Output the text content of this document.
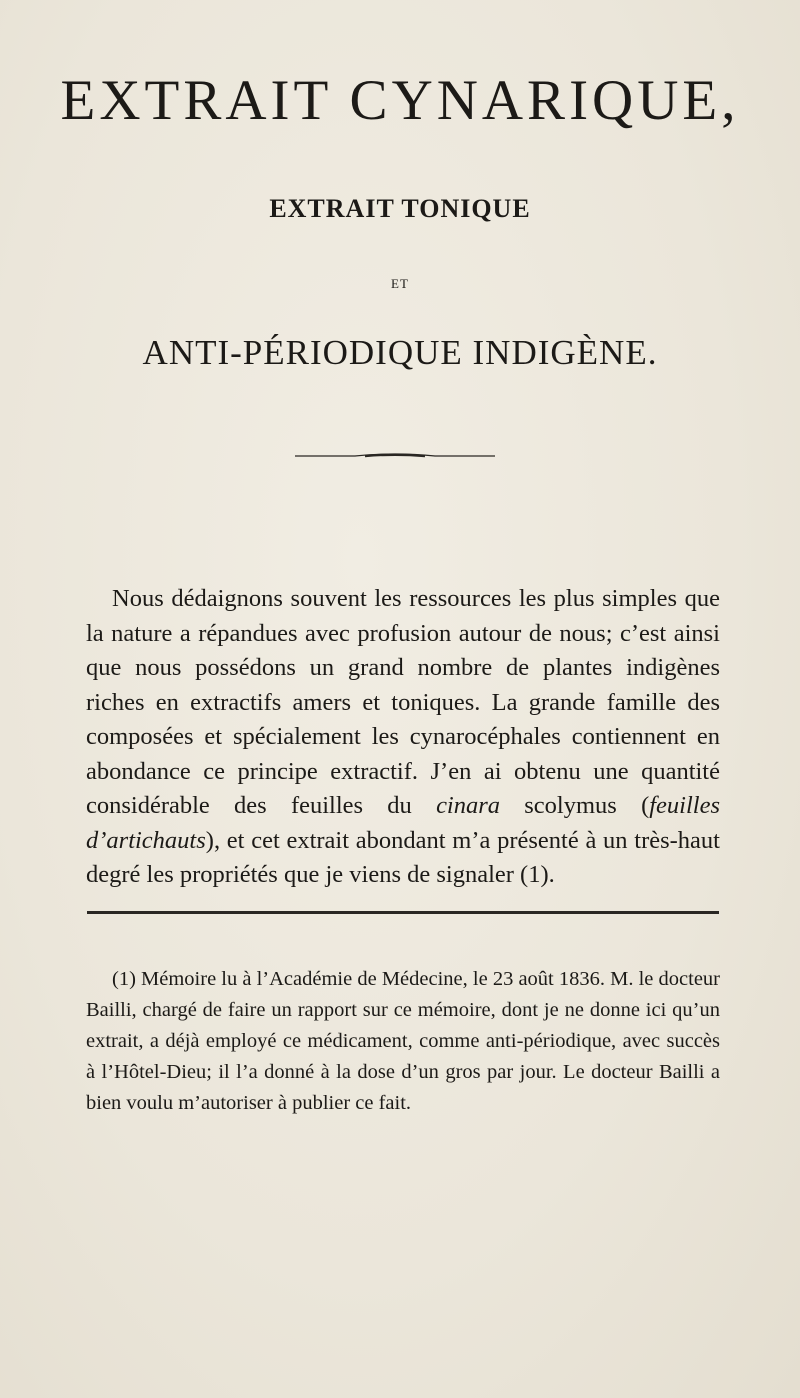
EXTRAIT CYNARIQUE,
EXTRAIT TONIQUE
ET
ANTI-PÉRIODIQUE INDIGÈNE.

Nous dédaignons souvent les ressources les plus simples que la nature a répandues avec profusion autour de nous; c’est ainsi que nous possédons un grand nombre de plantes indigènes riches en extractifs amers et toniques. La grande famille des composées et spécialement les cynarocéphales contiennent en abondance ce principe extractif. J’en ai obtenu une quantité considérable des feuilles du cinara scolymus (feuilles d’artichauts), et cet extrait abondant m’a présenté à un très-haut degré les propriétés que je viens de signaler (1).

(1) Mémoire lu à l’Académie de Médecine, le 23 août 1836. M. le docteur Bailli, chargé de faire un rapport sur ce mémoire, dont je ne donne ici qu’un extrait, a déjà employé ce médicament, comme anti-périodique, avec succès à l’Hôtel-Dieu; il l’a donné à la dose d’un gros par jour. Le docteur Bailli a bien voulu m’autoriser à publier ce fait.
